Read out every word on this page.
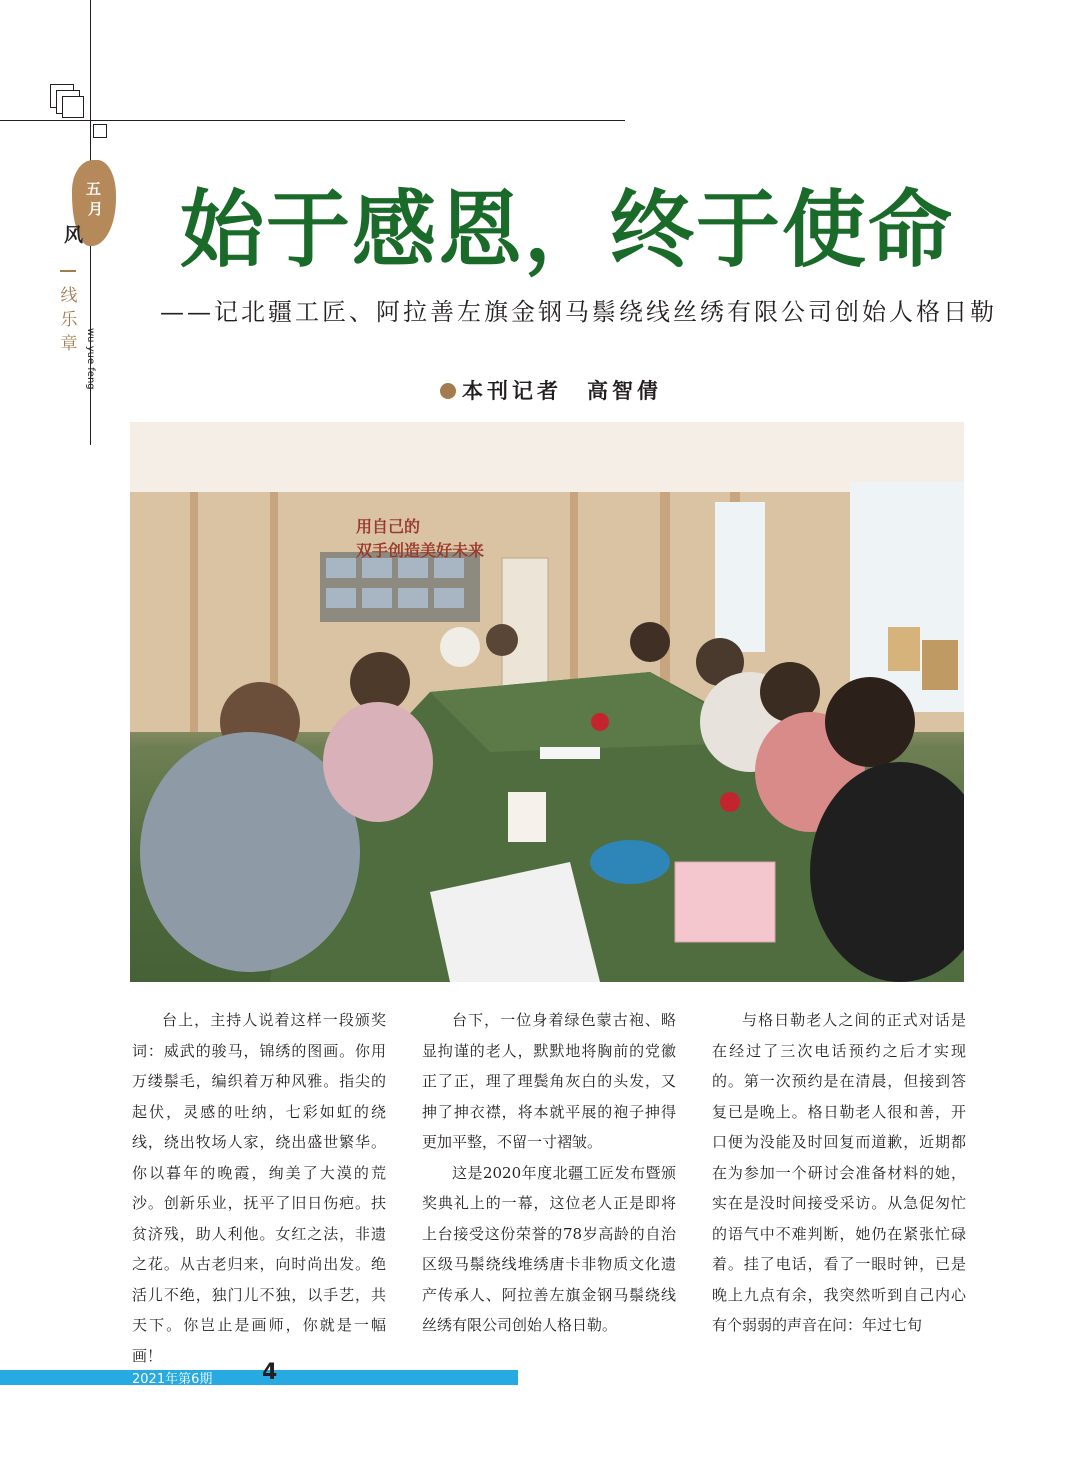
五
月
风
线乐章 wu yue feng
始于感恩，终于使命
——记北疆工匠、阿拉善左旗金钢马鬃绕线丝绣有限公司创始人格日勒
本刊记者　高智倩
用自己的
双手创造美好未来

台上，主持人说着这样一段颁奖词：威武的骏马，锦绣的图画。你用万缕鬃毛，编织着万种风雅。指尖的起伏，灵感的吐纳，七彩如虹的绕线，绕出牧场人家，绕出盛世繁华。你以暮年的晚霞，绚美了大漠的荒沙。创新乐业，抚平了旧日伤疤。扶贫济残，助人利他。女红之法，非遗之花。从古老归来，向时尚出发。绝活儿不绝，独门儿不独，以手艺，共天下。你岂止是画师，你就是一幅画！

台下，一位身着绿色蒙古袍、略显拘谨的老人，默默地将胸前的党徽正了正，理了理鬓角灰白的头发，又抻了抻衣襟，将本就平展的袍子抻得更加平整，不留一寸褶皱。

这是2020年度北疆工匠发布暨颁奖典礼上的一幕，这位老人正是即将上台接受这份荣誉的78岁高龄的自治区级马鬃绕线堆绣唐卡非物质文化遗产传承人、阿拉善左旗金钢马鬃绕线丝绣有限公司创始人格日勒。

与格日勒老人之间的正式对话是在经过了三次电话预约之后才实现的。第一次预约是在清晨，但接到答复已是晚上。格日勒老人很和善，开口便为没能及时回复而道歉，近期都在为参加一个研讨会准备材料的她，实在是没时间接受采访。从急促匆忙的语气中不难判断，她仍在紧张忙碌着。挂了电话，看了一眼时钟，已是晚上九点有余，我突然听到自己内心有个弱弱的声音在问：年过七旬

2021年第6期 4
